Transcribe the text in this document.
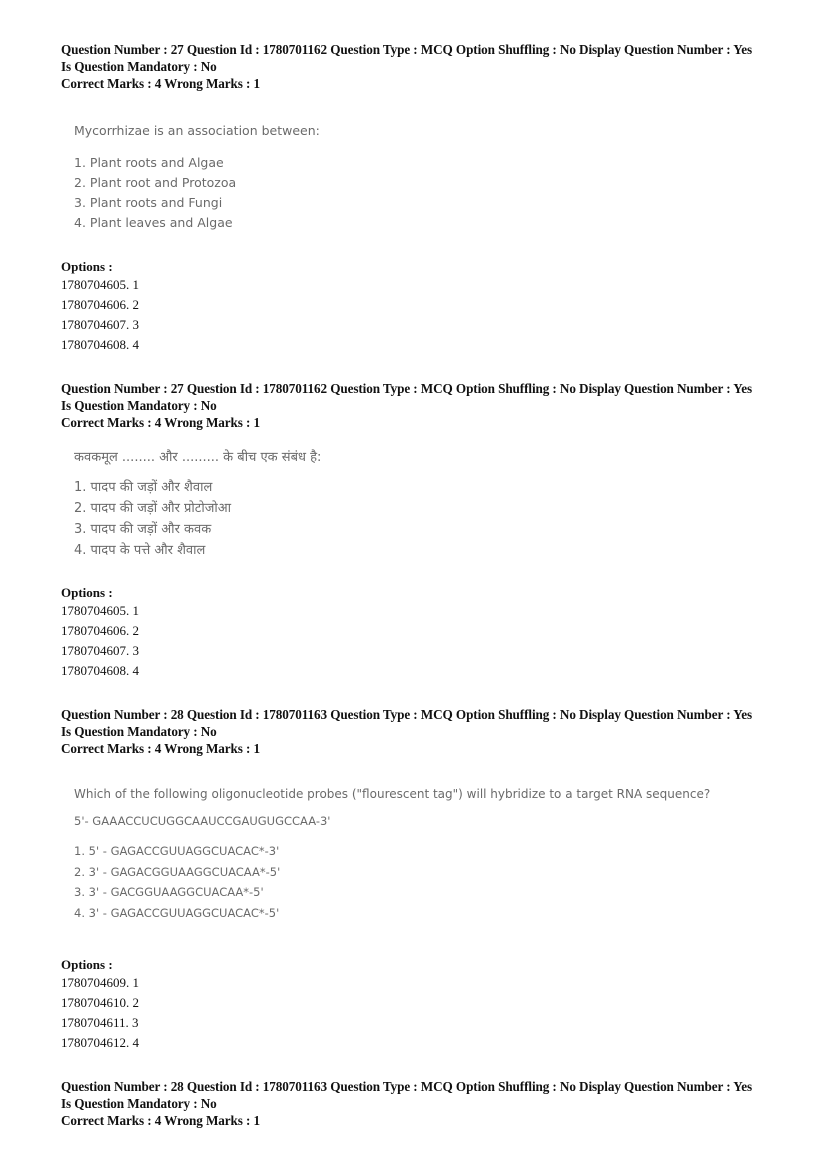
Question Number : 27 Question Id : 1780701162 Question Type : MCQ Option Shuffling : No Display Question Number : Yes
Is Question Mandatory : No
Correct Marks : 4 Wrong Marks : 1
Mycorrhizae is an association between:
1. Plant roots and Algae
2. Plant root and Protozoa
3. Plant roots and Fungi
4. Plant leaves and Algae
Options :
1780704605. 1
1780704606. 2
1780704607. 3
1780704608. 4
Question Number : 27 Question Id : 1780701162 Question Type : MCQ Option Shuffling : No Display Question Number : Yes
Is Question Mandatory : No
Correct Marks : 4 Wrong Marks : 1
कवकमूल ........ और ......... के बीच एक संबंध है:
1. पादप की जड़ों और शैवाल
2. पादप की जड़ों और प्रोटोजोआ
3. पादप की जड़ों और कवक
4. पादप के पत्ते और शैवाल
Options :
1780704605. 1
1780704606. 2
1780704607. 3
1780704608. 4
Question Number : 28 Question Id : 1780701163 Question Type : MCQ Option Shuffling : No Display Question Number : Yes
Is Question Mandatory : No
Correct Marks : 4 Wrong Marks : 1
Which of the following oligonucleotide probes ("flourescent tag") will hybridize to a target RNA sequence?
5'- GAAACCUCUGGCAAUCCGAUGUGCCAA-3'
1. 5' - GAGACCGUUAGGCUACAC*-3'
2. 3' - GAGACGGUAAGGCUACAA*-5'
3. 3' - GACGGUAAGGCUACAA*-5'
4. 3' - GAGACCGUUAGGCUACAC*-5'
Options :
1780704609. 1
1780704610. 2
1780704611. 3
1780704612. 4
Question Number : 28 Question Id : 1780701163 Question Type : MCQ Option Shuffling : No Display Question Number : Yes
Is Question Mandatory : No
Correct Marks : 4 Wrong Marks : 1
